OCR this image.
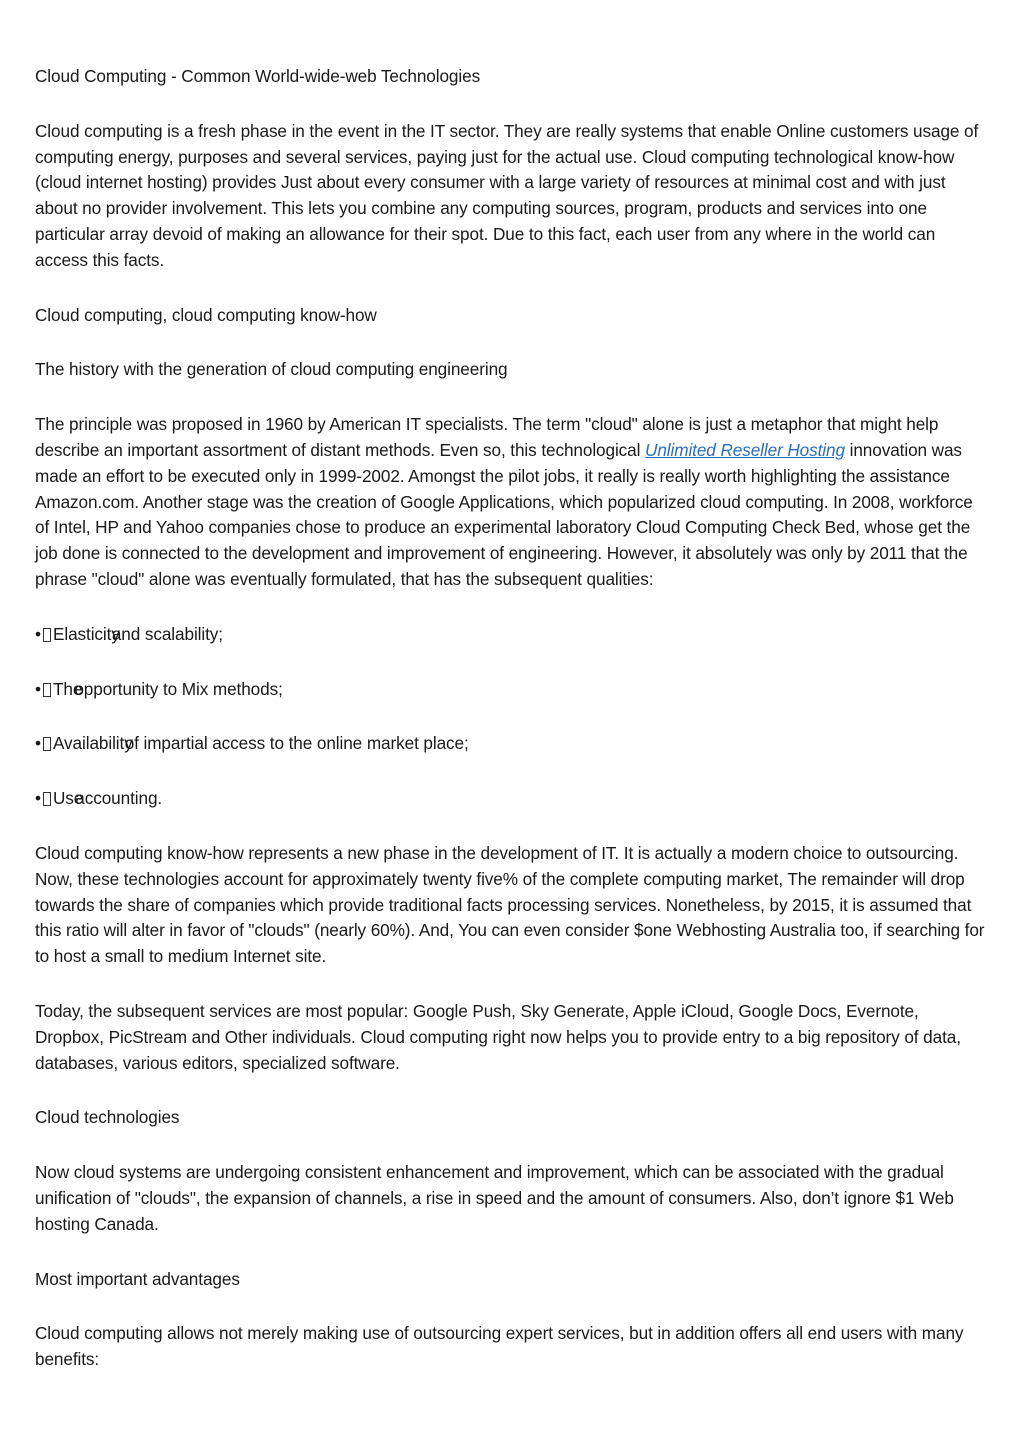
Cloud Computing - Common World-wide-web Technologies

Cloud computing is a fresh phase in the event in the IT sector. They are really systems that enable Online customers usage of computing energy, purposes and several services, paying just for the actual use. Cloud computing technological know-how (cloud internet hosting) provides Just about every consumer with a large variety of resources at minimal cost and with just about no provider involvement. This lets you combine any computing sources, program, products and services into one particular array devoid of making an allowance for their spot. Due to this fact, each user from any where in the world can access this facts.

Cloud computing, cloud computing know-how

The history with the generation of cloud computing engineering

The principle was proposed in 1960 by American IT specialists. The term "cloud" alone is just a metaphor that might help describe an important assortment of distant methods. Even so, this technological Unlimited Reseller Hosting innovation was made an effort to be executed only in 1999-2002. Amongst the pilot jobs, it really is really worth highlighting the assistance Amazon.com. Another stage was the creation of Google Applications, which popularized cloud computing. In 2008, workforce of Intel, HP and Yahoo companies chose to produce an experimental laboratory Cloud Computing Check Bed, whose get the job done is connected to the development and improvement of engineering. However, it absolutely was only by 2011 that the phrase "cloud" alone was eventually formulated, that has the subsequent qualities:

• Elasticityand scalability;

• Theopportunity to Mix methods;

• Availabilityof impartial access to the online market place;

• Useaccounting.

Cloud computing know-how represents a new phase in the development of IT. It is actually a modern choice to outsourcing. Now, these technologies account for approximately twenty five% of the complete computing market, The remainder will drop towards the share of companies which provide traditional facts processing services. Nonetheless, by 2015, it is assumed that this ratio will alter in favor of "clouds" (nearly 60%). And, You can even consider $one Webhosting Australia too, if searching for to host a small to medium Internet site.

Today, the subsequent services are most popular: Google Push, Sky Generate, Apple iCloud, Google Docs, Evernote, Dropbox, PicStream and Other individuals. Cloud computing right now helps you to provide entry to a big repository of data, databases, various editors, specialized software.

Cloud technologies

Now cloud systems are undergoing consistent enhancement and improvement, which can be associated with the gradual unification of "clouds", the expansion of channels, a rise in speed and the amount of consumers. Also, don’t ignore $1 Web hosting Canada.

Most important advantages

Cloud computing allows not merely making use of outsourcing expert services, but in addition offers all end users with many benefits:
